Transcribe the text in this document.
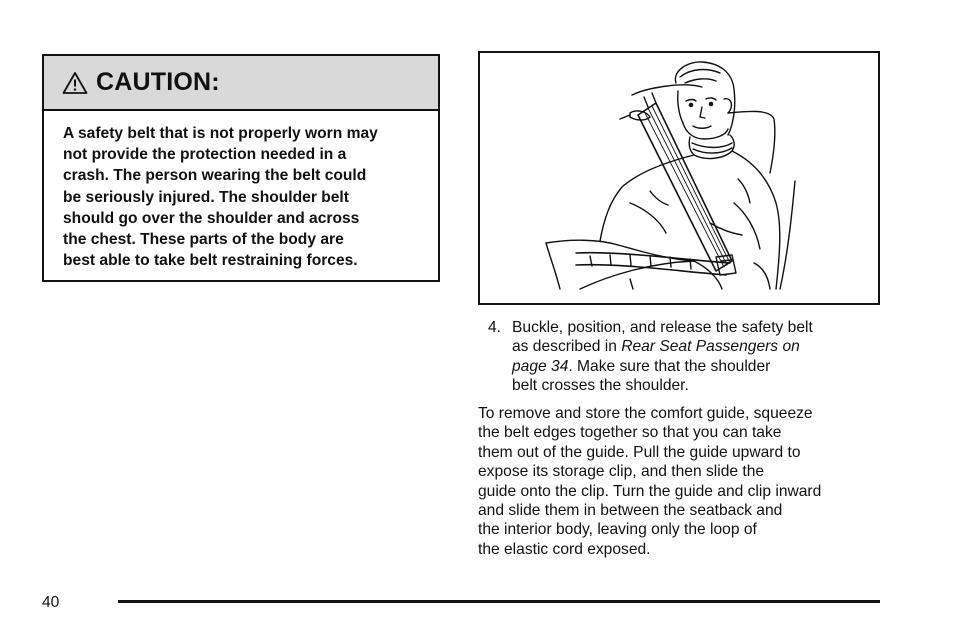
CAUTION:
A safety belt that is not properly worn may
not provide the protection needed in a
crash. The person wearing the belt could
be seriously injured. The shoulder belt
should go over the shoulder and across
the chest. These parts of the body are
best able to take belt restraining forces.
4. Buckle, position, and release the safety belt
as described in Rear Seat Passengers on
page 34. Make sure that the shoulder
belt crosses the shoulder.
To remove and store the comfort guide, squeeze
the belt edges together so that you can take
them out of the guide. Pull the guide upward to
expose its storage clip, and then slide the
guide onto the clip. Turn the guide and clip inward
and slide them in between the seatback and
the interior body, leaving only the loop of
the elastic cord exposed.
40
